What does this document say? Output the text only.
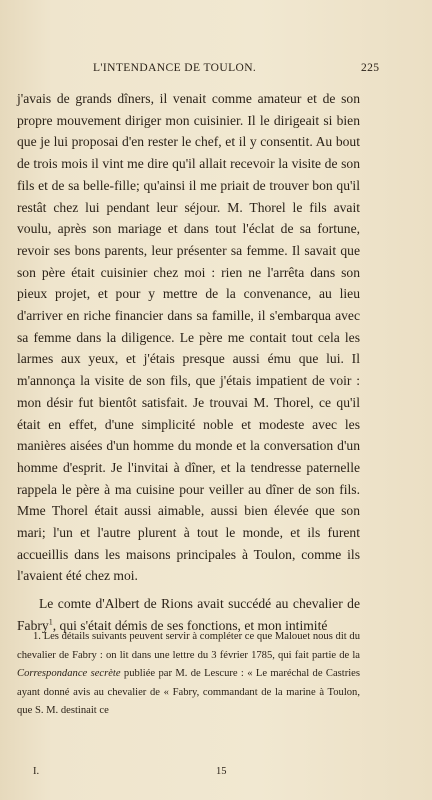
L'INTENDANCE DE TOULON.	225

j'avais de grands dîners, il venait comme amateur et de son propre mouvement diriger mon cuisinier. Il le dirigeait si bien que je lui proposai d'en rester le chef, et il y consentit. Au bout de trois mois il vint me dire qu'il allait recevoir la visite de son fils et de sa belle-fille; qu'ainsi il me priait de trouver bon qu'il restât chez lui pendant leur séjour. M. Thorel le fils avait voulu, après son mariage et dans tout l'éclat de sa fortune, revoir ses bons parents, leur présenter sa femme. Il savait que son père était cuisinier chez moi : rien ne l'arrêta dans son pieux projet, et pour y mettre de la convenance, au lieu d'arriver en riche financier dans sa famille, il s'embarqua avec sa femme dans la diligence. Le père me contait tout cela les larmes aux yeux, et j'étais presque aussi ému que lui. Il m'annonça la visite de son fils, que j'étais impatient de voir : mon désir fut bientôt satisfait. Je trouvai M. Thorel, ce qu'il était en effet, d'une simplicité noble et modeste avec les manières aisées d'un homme du monde et la conversation d'un homme d'esprit. Je l'invitai à dîner, et la tendresse paternelle rappela le père à ma cuisine pour veiller au dîner de son fils. Mme Thorel était aussi aimable, aussi bien élevée que son mari; l'un et l'autre plurent à tout le monde, et ils furent accueillis dans les maisons principales à Toulon, comme ils l'avaient été chez moi.

Le comte d'Albert de Rions avait succédé au chevalier de Fabry$^1$, qui s'était démis de ses fonctions, et mon intimité

1. Les détails suivants peuvent servir à compléter ce que Malouet nous dit du chevalier de Fabry : on lit dans une lettre du 3 février 1785, qui fait partie de la Correspondance secrète publiée par M. de Lescure : « Le maréchal de Castries ayant donné avis au chevalier de « Fabry, commandant de la marine à Toulon, que S. M. destinait ce

I.	15
